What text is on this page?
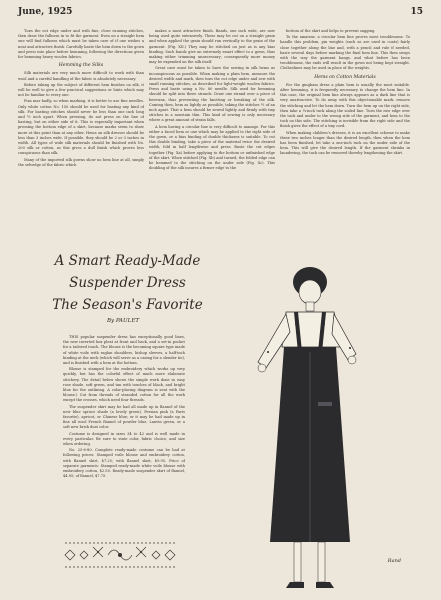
June, 1925	15

Turn the cut edge under and with fine, close running stitches, then draw the fullness in to fit the garment. Even on a straight hem one will find fullness which must be taken care of if one wishes a neat and attractive finish. Carefully baste the hem down to the gown and press into place before hemming, following the directions given for hemming heavy woolen fabrics.

Hemming the Silks

Silk materials are very much more difficult to work with than wool and a careful handling of the fabric is absolutely necessary.

Before taking up the subject of different hem finishes on silk, it will be well to give a few practical suggestions or hints which may not be familiar to every one.

Pins mar badly, so when marking, it is better to use fine needles. Only white cotton No. 150 should be used for basting any kind of silk. For basting stitches should never be less than one inch long and ½ inch apart. When pressing, do not press on the line of basting, but on either side of it. This is especially important when pressing the bottom edge of a skirt, because marks seem to show more at this point than at any other. Hems on silk dresses should be less than 3 inches wide. If possible, they should be 2 or 3 inches in width. All types of wide silk materials should be finished with No. 200 silk or cotton, as this gives a dull finish which proves less conspicuous than silk.

Many of the imported silk gowns show no hem line at all, simply the selvedge of the fabric which

makes a most attractive finish. Bands, one inch wide, are now being used quite extensively. These may be cut on a straight grain and when applied the grain should run vertically to the grain of the garment. (Fig. XII.) They may be stitched on just as is any bias binding. Such bands give an extremely smart effect to a gown, thus making either trimming unnecessary; consequently more money may be expended on the silk itself.

Great care must be taken to have the sewing in silk hems as inconspicuous as possible. When making a plain hem, measure the desired width and mark, then turn the cut edge under and sew with small running stitches, as described for light-weight woolen fabrics. Press and baste using a No. 80 needle. Silk used for hemming should be split into three strands. Draw one strand over a piece of beeswax, thus preventing the knotting or breaking of the silk. Coming then, hem as lightly as possible, taking the stitches ½ of an inch apart. That a hem should be sewed lightly and firmly with tiny stitches in a nonstain thin. This kind of sewing is only necessary where a great amount of strain falls.

A hem having a circular line is very difficult to manage. For this either a faced hem or one which may be applied to the right side of the gown, or a bias binding of double thickness is suitable. To cut this double binding, take a piece of the material twice the desired width, fold in half lengthwise and press. Baste the cut edges together (Fig. Xa) before applying to the bottom or unfinished edge of the skirt. When stitched (Fig. Xb) and turned, the folded edge can be hemmed to the stitching on the under side (Fig. Xc). This doubling of the silk insures a firmer edge to the

bottom of the skirt and helps to prevent sagging.

To the amateur, a circular hem line proves most troublesome. To handle this problem, pin weights (such as are used in coats) fairly close together along the line and, with a pencil and rule if needed, baste several days before marking the final hem line. This then sways with the way the garment hangs, and what before has been troublesome, the ends will result in the gown not being kept straight. Clotheslines may be used in place of the weights.

Hems on Cotton Materials

For the gingham dress a plain hem is usually the most suitable. After hemming, it is frequently necessary to change the hem line. In this case, the original hem line always appears as a dark line that is very unattractive. To do away with this objectionable mark, remove the stitching and let the hem down. Turn the hem up on the right side, then take a ¼-inch tuck along the soiled line. Turn the raw edge over the tuck and under to the wrong side of the garment, and hem to the tuck on this side. The stitching is invisible from the right side and the finish gives the effect of a tiny cord.

When making children's dresses, it is an excellent scheme to make these two inches longer than the desired length, then when the hem has been finished, let take a one-inch tuck on the under side of the hem. This will give the desired length. If the garment shrinks in laundering, the tuck can be removed thereby lengthening the skirt.

A Smart Ready-Made
Suspender Dress
The Season's Favorite
By PAULET

THIS popular suspender dress has exceptionally good lines, the new inverted box pleat at front and back, and a set-in pocket for a tailored touch. The blouse is the becoming square type made of white voile with raglan shoulders, bishop sleeves, a half-inch binding at the neck (which will serve as a casing for a slender tie), and is finished with a hem at the bottom.

Blouse is stamped for the embroidery which works up very quickly, but has the colorful effect of much more elaborate stitchery. The detail below shows the simple work done in easy rose shade, soft green, and tan with touches of black, and bright blue for the outlining. A color-placing diagram is sent with the blouse.) Cut from threads of stranded cotton for all the work except the crosses, which need four threads.

The suspender skirt may be had all made up in flannel of the new blue spruce shade (a lovely green), Persian pink (a Paris favorite), apricot, or Chinese blue; or it may be had made up in fine all wool French flannel of powder blue, Lanvin green, or a soft new brick dust color.

Costume is designed in sizes 34 to 42 and is well made in every particular. Be sure to state color, fabric choice, and size when ordering.

No. 25-6-80. Complete ready-made costume can be had at following prices: Stamped voile blouse and embroidery cotton, with flannel skirt, $7.25; with flannel skirt, $9.95. Price of separate garments: Stamped ready-made white voile blouse with embroidery cotton, $2.50. Ready-made suspender skirt of flannel, $4.95; of flannel, $7.75.

Rand
